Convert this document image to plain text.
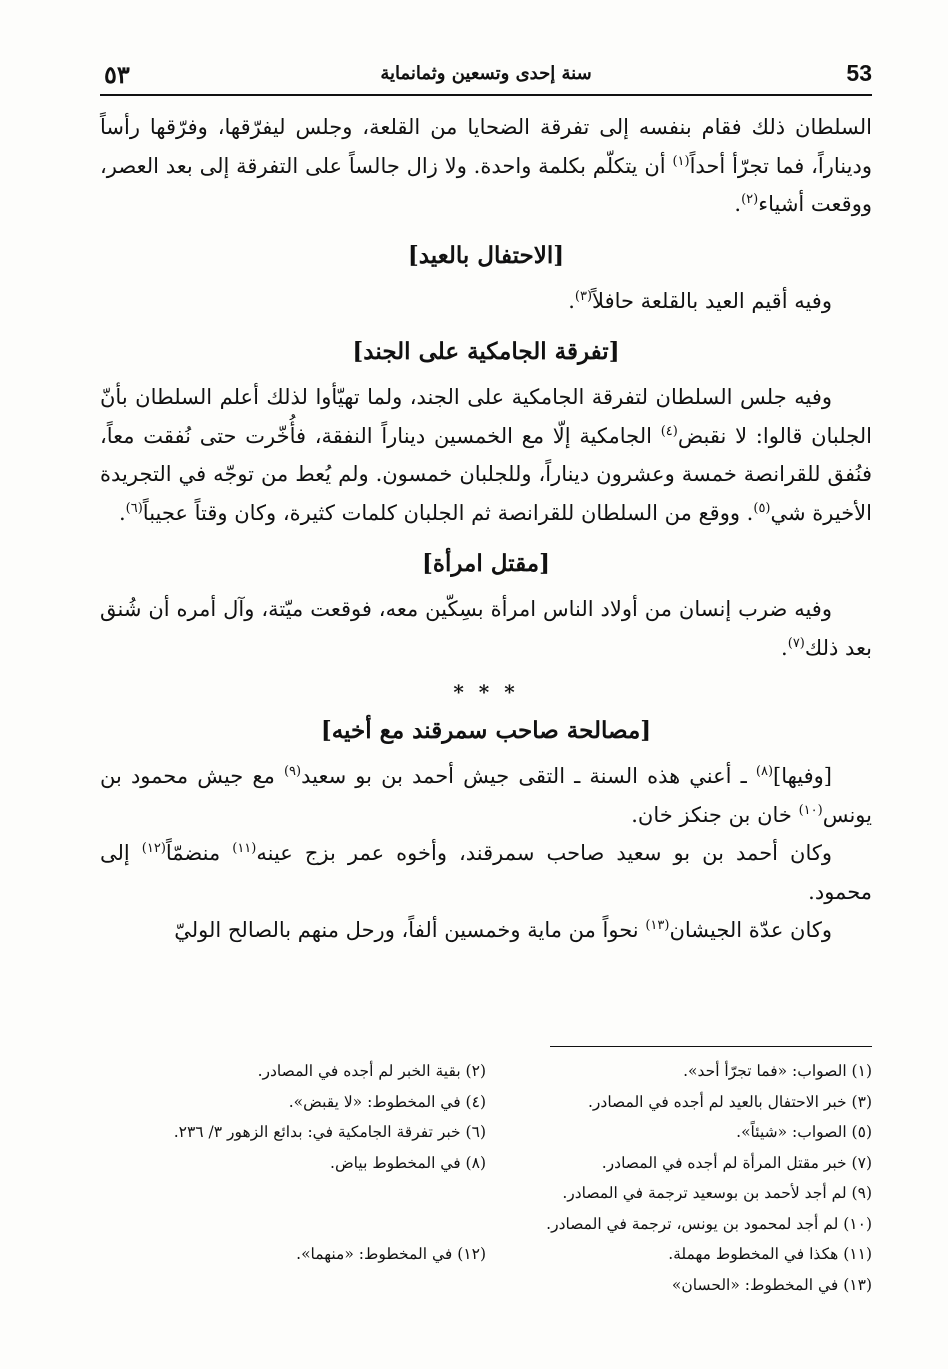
٥٣	سنة إحدى وتسعين وثمانماية	53

السلطان ذلك فقام بنفسه إلى تفرقة الضحايا من القلعة، وجلس ليفرّقها، وفرّقها رأساً وديناراً، فما تجرّأ أحداً$^{(١)}$ أن يتكلّم بكلمة واحدة. ولا زال جالساً على التفرقة إلى بعد العصر، ووقعت أشياء$^{(٢)}$.

[الاحتفال بالعيد]

وفيه أقيم العيد بالقلعة حافلاً$^{(٣)}$.

[تفرقة الجامكية على الجند]

وفيه جلس السلطان لتفرقة الجامكية على الجند، ولما تهيّأوا لذلك أعلم السلطان بأنّ الجلبان قالوا: لا نقبض$^{(٤)}$ الجامكية إلّا مع الخمسين ديناراً النفقة، فأُخّرت حتى نُفقت معاً، فنُفق للقرانصة خمسة وعشرون ديناراً، وللجلبان خمسون. ولم يُعط من توجّه في التجريدة الأخيرة شي$^{(٥)}$. ووقع من السلطان للقرانصة ثم الجلبان كلمات كثيرة، وكان وقتاً عجيباً$^{(٦)}$.

[مقتل امرأة]

وفيه ضرب إنسان من أولاد الناس امرأة بسِكّين معه، فوقعت ميّتة، وآل أمره أن شُنق بعد ذلك$^{(٧)}$.

* * *
[مصالحة صاحب سمرقند مع أخيه]

[وفيها]$^{(٨)}$ ـ أعني هذه السنة ـ التقى جيش أحمد بن بو سعيد$^{(٩)}$ مع جيش محمود بن يونس$^{(١٠)}$ خان بن جنكز خان.

وكان أحمد بن بو سعيد صاحب سمرقند، وأخوه عمر بزج عينه$^{(١١)}$ منضمّاً$^{(١٢)}$ إلى محمود.

وكان عدّة الجيشان$^{(١٣)}$ نحواً من ماية وخمسين ألفاً، ورحل منهم بالصالح الوليّ

(١) الصواب: «فما تجرّأ أحد».
(٢) بقية الخبر لم أجده في المصادر.
(٣) خبر الاحتفال بالعيد لم أجده في المصادر.
(٤) في المخطوط: «لا يقبض».
(٥) الصواب: «شيئاً».
(٦) خبر تفرقة الجامكية في: بدائع الزهور ٣/ ٢٣٦.
(٧) خبر مقتل المرأة لم أجده في المصادر.
(٨) في المخطوط بياض.
(٩) لم أجد لأحمد بن بوسعيد ترجمة في المصادر.
(١٠) لم أجد لمحمود بن يونس، ترجمة في المصادر.
(١١) هكذا في المخطوط مهملة.
(١٢) في المخطوط: «منهما».
(١٣) في المخطوط: «الحسان»
